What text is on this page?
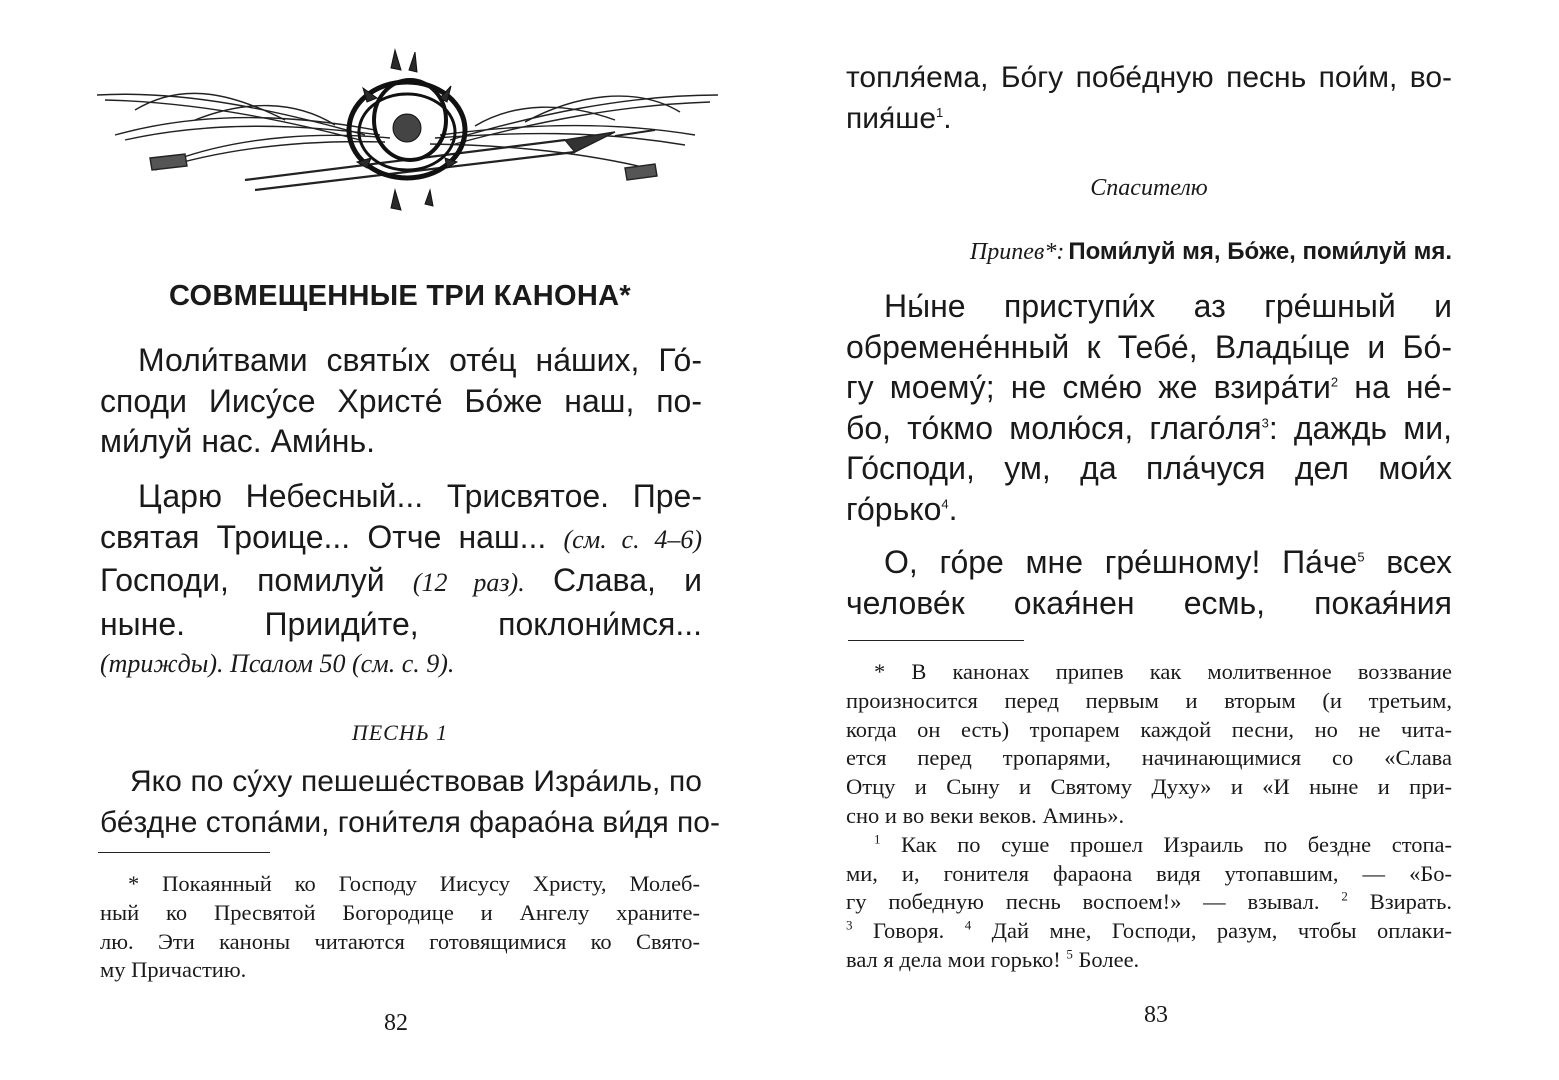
СОВМЕЩЕННЫЕ ТРИ КАНОНА*
Моли́твами святы́х оте́ц на́ших, Го́-
споди Иису́се Христе́ Бо́же наш, по-
ми́луй нас. Ами́нь.
Царю Небесный... Трисвятое. Пре-
святая Троице... Отче наш... (см. с. 4–6)
Господи, помилуй (12 раз). Слава, и
ныне. Прииди́те, поклони́мся...
(трижды). Псалом 50 (см. с. 9).

ПЕСНЬ 1

Яко по су́ху пешеше́ствовав Изра́иль, по
бе́здне стопа́ми, гони́теля фарао́на ви́дя по-
* Покаянный ко Господу Иисусу Христу, Молеб-
ный ко Пресвятой Богородице и Ангелу храните-
лю. Эти каноны читаются готовящимися ко Свято-
му Причастию.

82

топля́ема, Бо́гу побе́дную песнь пои́м, во-
$пия́ше^1$.

Спасителю

Припев*: Поми́луй мя, Бо́же, поми́луй мя.

Ны́не приступи́х аз гре́шный и
обремене́нный к Тебе́, Влады́це и Бо́-
гу моему́; не сме́ю же $взира́ти^2$ на не́-
бо, то́кмо молю́ся, $глаго́ля^3$: даждь ми,
Го́споди, ум, да пла́чуся дел мои́х
го́рько$^4$.
О, го́ре мне гре́шному! $Па́че^5$ всех
челове́к окая́нен есмь, покая́ния
* В канонах припев как молитвенное воззвание
произносится перед первым и вторым (и третьим,
когда он есть) тропарем каждой песни, но не чита-
ется перед тропарями, начинающимися со «Слава
Отцу и Сыну и Святому Духу» и «И ныне и при-
сно и во веки веков. Аминь».
$^1$ Как по суше прошел Израиль по бездне стопа-
ми, и, гонителя фараона видя утопавшим, — «Бо-
гу победную песнь воспоем!» — взывал. $^2$ Взирать.
$^3$ Говоря. $^4$ Дай мне, Господи, разум, чтобы оплаки-
вал я дела мои горько! $^5$ Более.

83
